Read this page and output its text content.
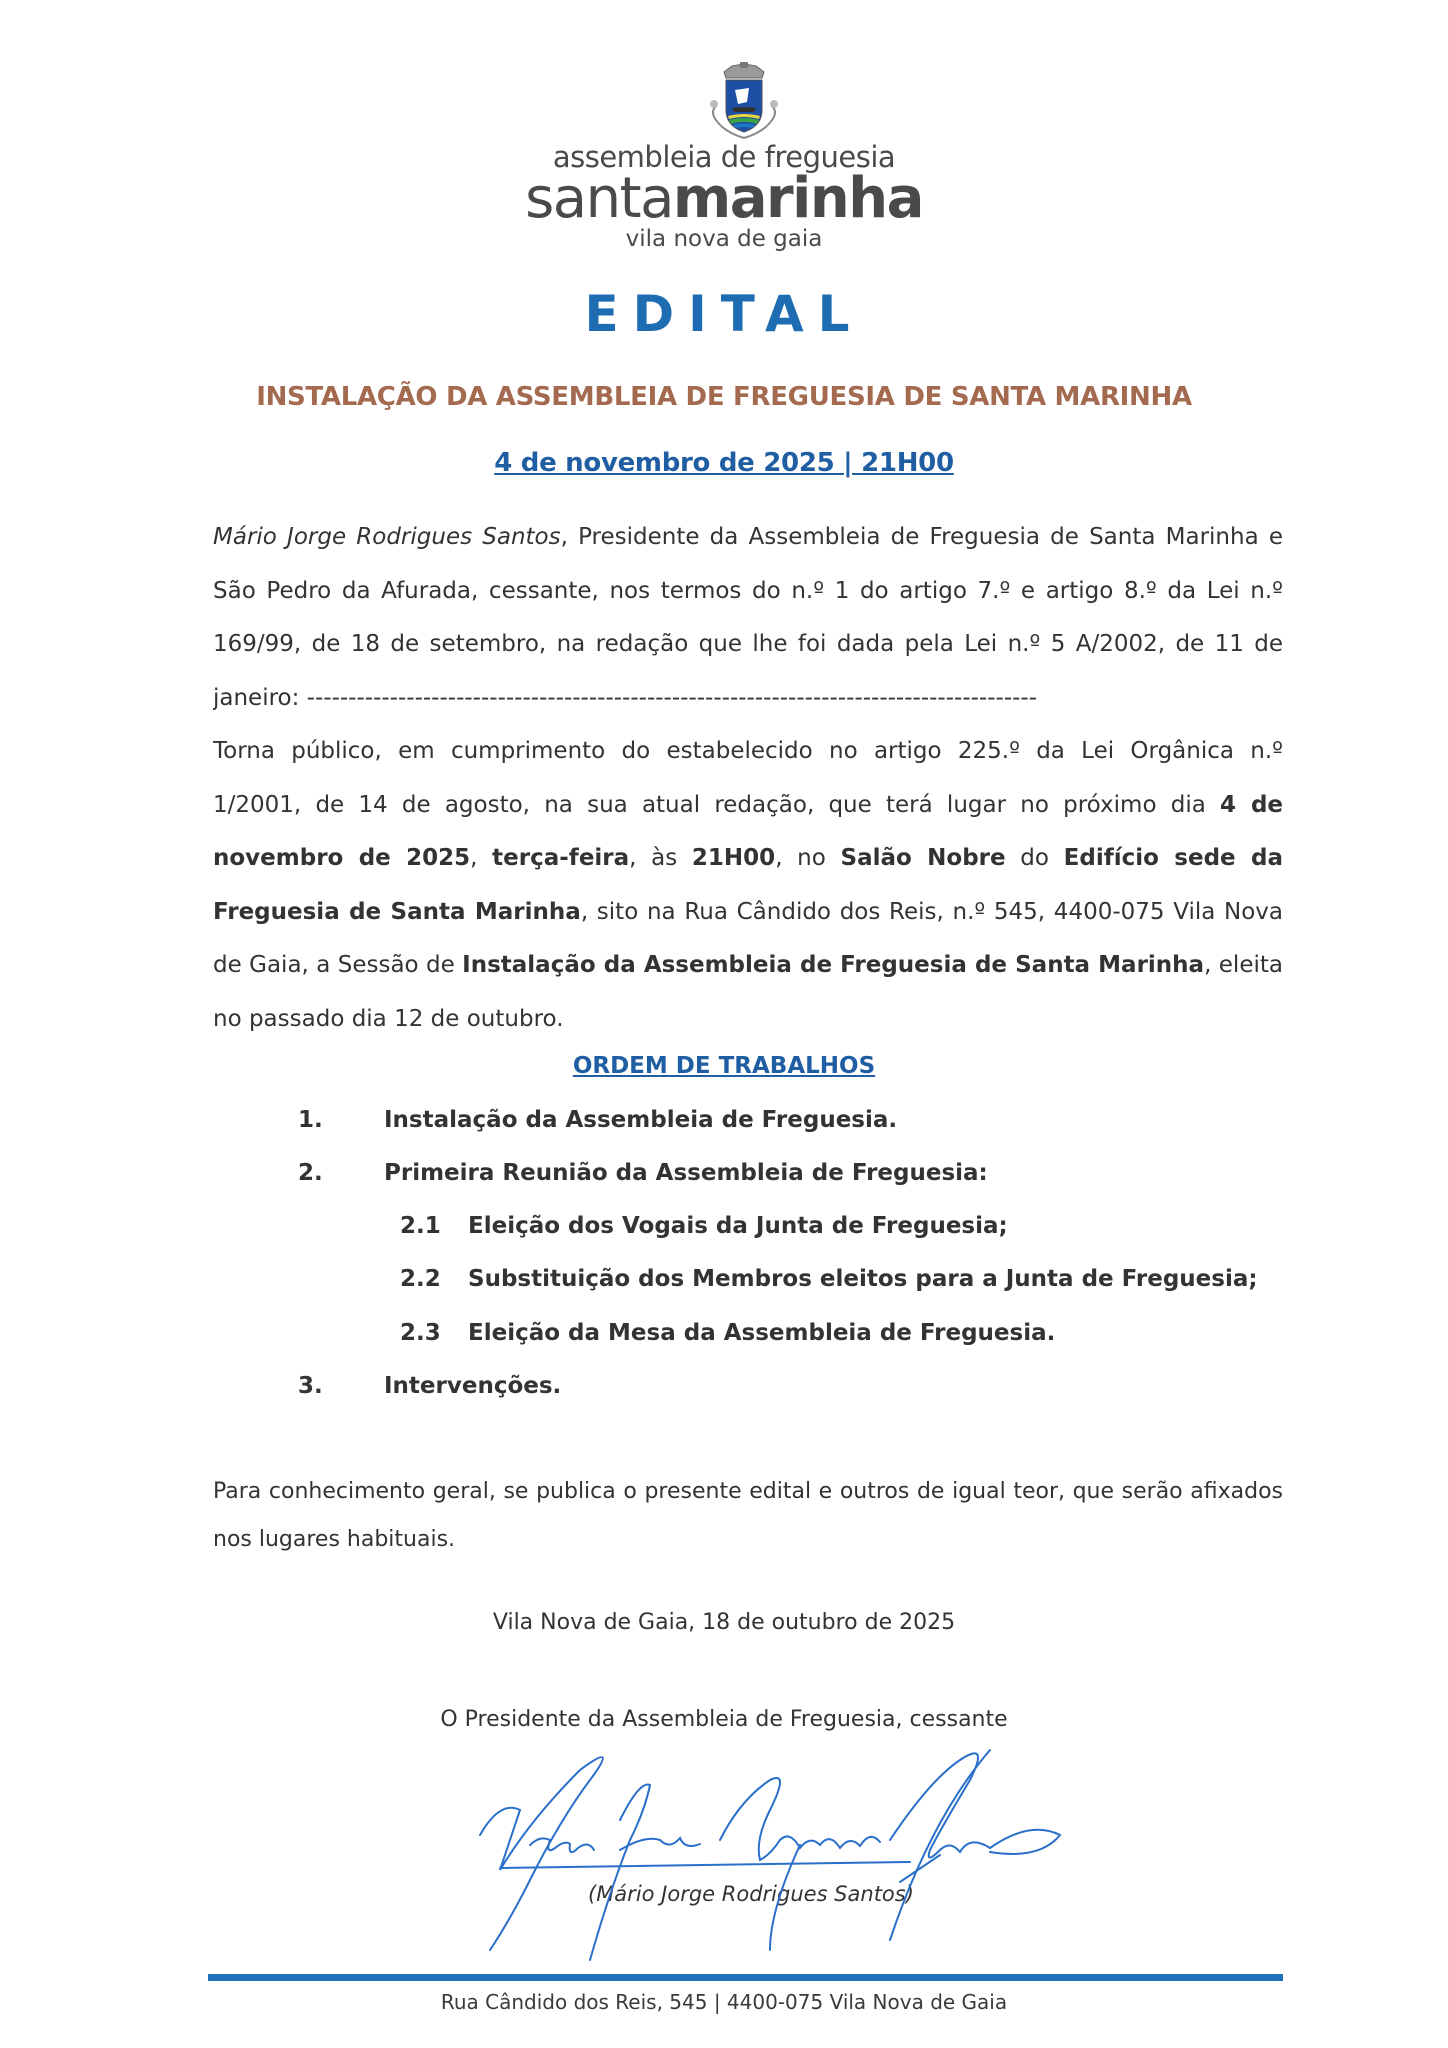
assembleia de freguesia
santamarinha
vila nova de gaia
EDITAL
INSTALAÇÃO DA ASSEMBLEIA DE FREGUESIA DE SANTA MARINHA
4 de novembro de 2025 | 21H00
Mário Jorge Rodrigues Santos, Presidente da Assembleia de Freguesia de Santa Marinha e
São Pedro da Afurada, cessante, nos termos do n.º 1 do artigo 7.º e artigo 8.º da Lei n.º
169/99, de 18 de setembro, na redação que lhe foi dada pela Lei n.º 5 A/2002, de 11 de
janeiro: ----------------------------------------------------------------------------------------
Torna público, em cumprimento do estabelecido no artigo 225.º da Lei Orgânica n.º
1/2001, de 14 de agosto, na sua atual redação, que terá lugar no próximo dia 4 de
novembro de 2025, terça-feira, às 21H00, no Salão Nobre do Edifício sede da
Freguesia de Santa Marinha, sito na Rua Cândido dos Reis, n.º 545, 4400-075 Vila Nova
de Gaia, a Sessão de Instalação da Assembleia de Freguesia de Santa Marinha, eleita
no passado dia 12 de outubro.
ORDEM DE TRABALHOS
1.	Instalação da Assembleia de Freguesia.
2.	Primeira Reunião da Assembleia de Freguesia:
2.1 Eleição dos Vogais da Junta de Freguesia;
2.2 Substituição dos Membros eleitos para a Junta de Freguesia;
2.3 Eleição da Mesa da Assembleia de Freguesia.
3.	Intervenções.
Para conhecimento geral, se publica o presente edital e outros de igual teor, que serão afixados
nos lugares habituais.
Vila Nova de Gaia, 18 de outubro de 2025
O Presidente da Assembleia de Freguesia, cessante
(Mário Jorge Rodrigues Santos)
Rua Cândido dos Reis, 545 | 4400-075 Vila Nova de Gaia
